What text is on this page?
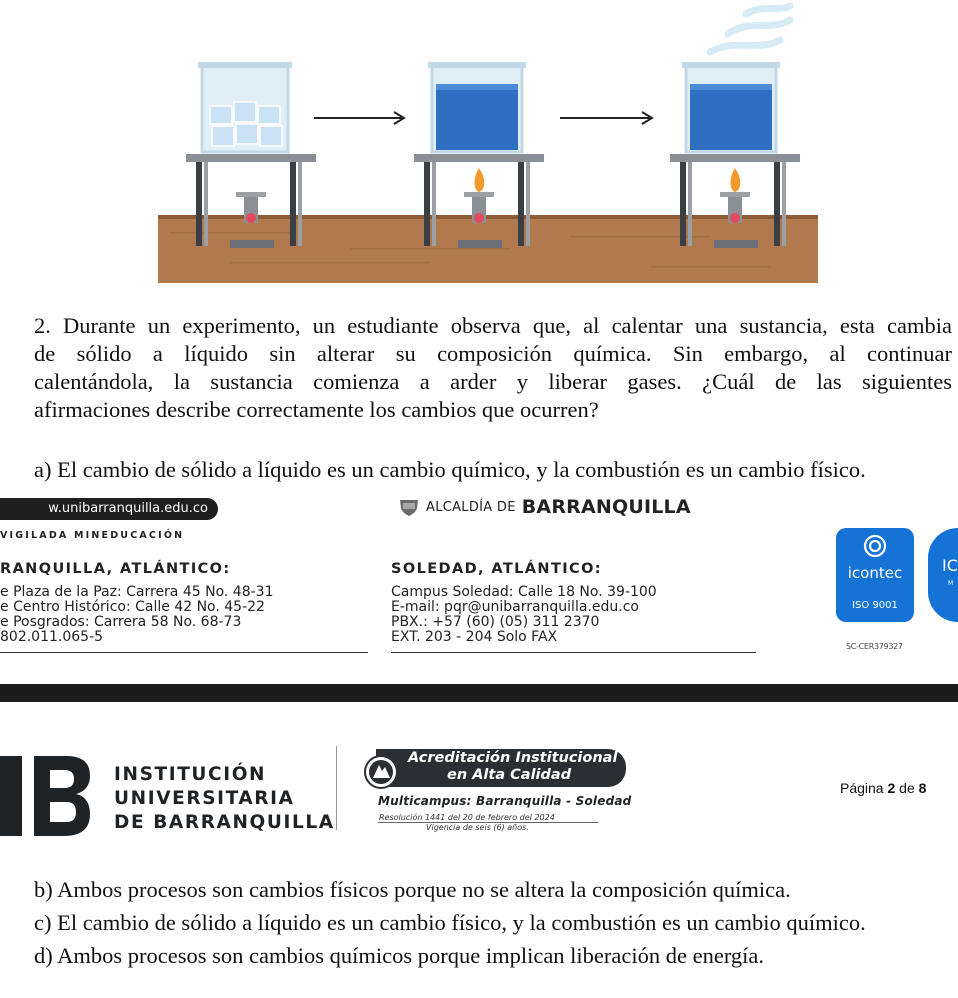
2. Durante un experimento, un estudiante observa que, al calentar una sustancia, esta cambia
de sólido a líquido sin alterar su composición química. Sin embargo, al continuar
calentándola, la sustancia comienza a arder y liberar gases. ¿Cuál de las siguientes
afirmaciones describe correctamente los cambios que ocurren?
a) El cambio de sólido a líquido es un cambio químico, y la combustión es un cambio físico.
w.unibarranquilla.edu.co
VIGILADA MINEDUCACIÓN
ALCALDÍA DE BARRANQUILLA
RANQUILLA, ATLÁNTICO:
e Plaza de la Paz: Carrera 45 No. 48-31
e Centro Histórico: Calle 42 No. 45-22
e Posgrados: Carrera 58 No. 68-73
802.011.065-5
SOLEDAD, ATLÁNTICO:
Campus Soledad: Calle 18 No. 39-100
E-mail: pqr@unibarranquilla.edu.co
PBX.: +57 (60) (05) 311 2370
EXT. 203 - 204 Solo FAX
icontec
ISO 9001
IC
M
SC-CER379327
INSTITUCIÓN
UNIVERSITARIA
DE BARRANQUILLA
Acreditación Institucional
en Alta Calidad
Multicampus: Barranquilla - Soledad
Resolución 1441 del 20 de febrero del 2024
Vigencia de seis (6) años.
Página 2 de 8
b) Ambos procesos son cambios físicos porque no se altera la composición química.
c) El cambio de sólido a líquido es un cambio físico, y la combustión es un cambio químico.
d) Ambos procesos son cambios químicos porque implican liberación de energía.
